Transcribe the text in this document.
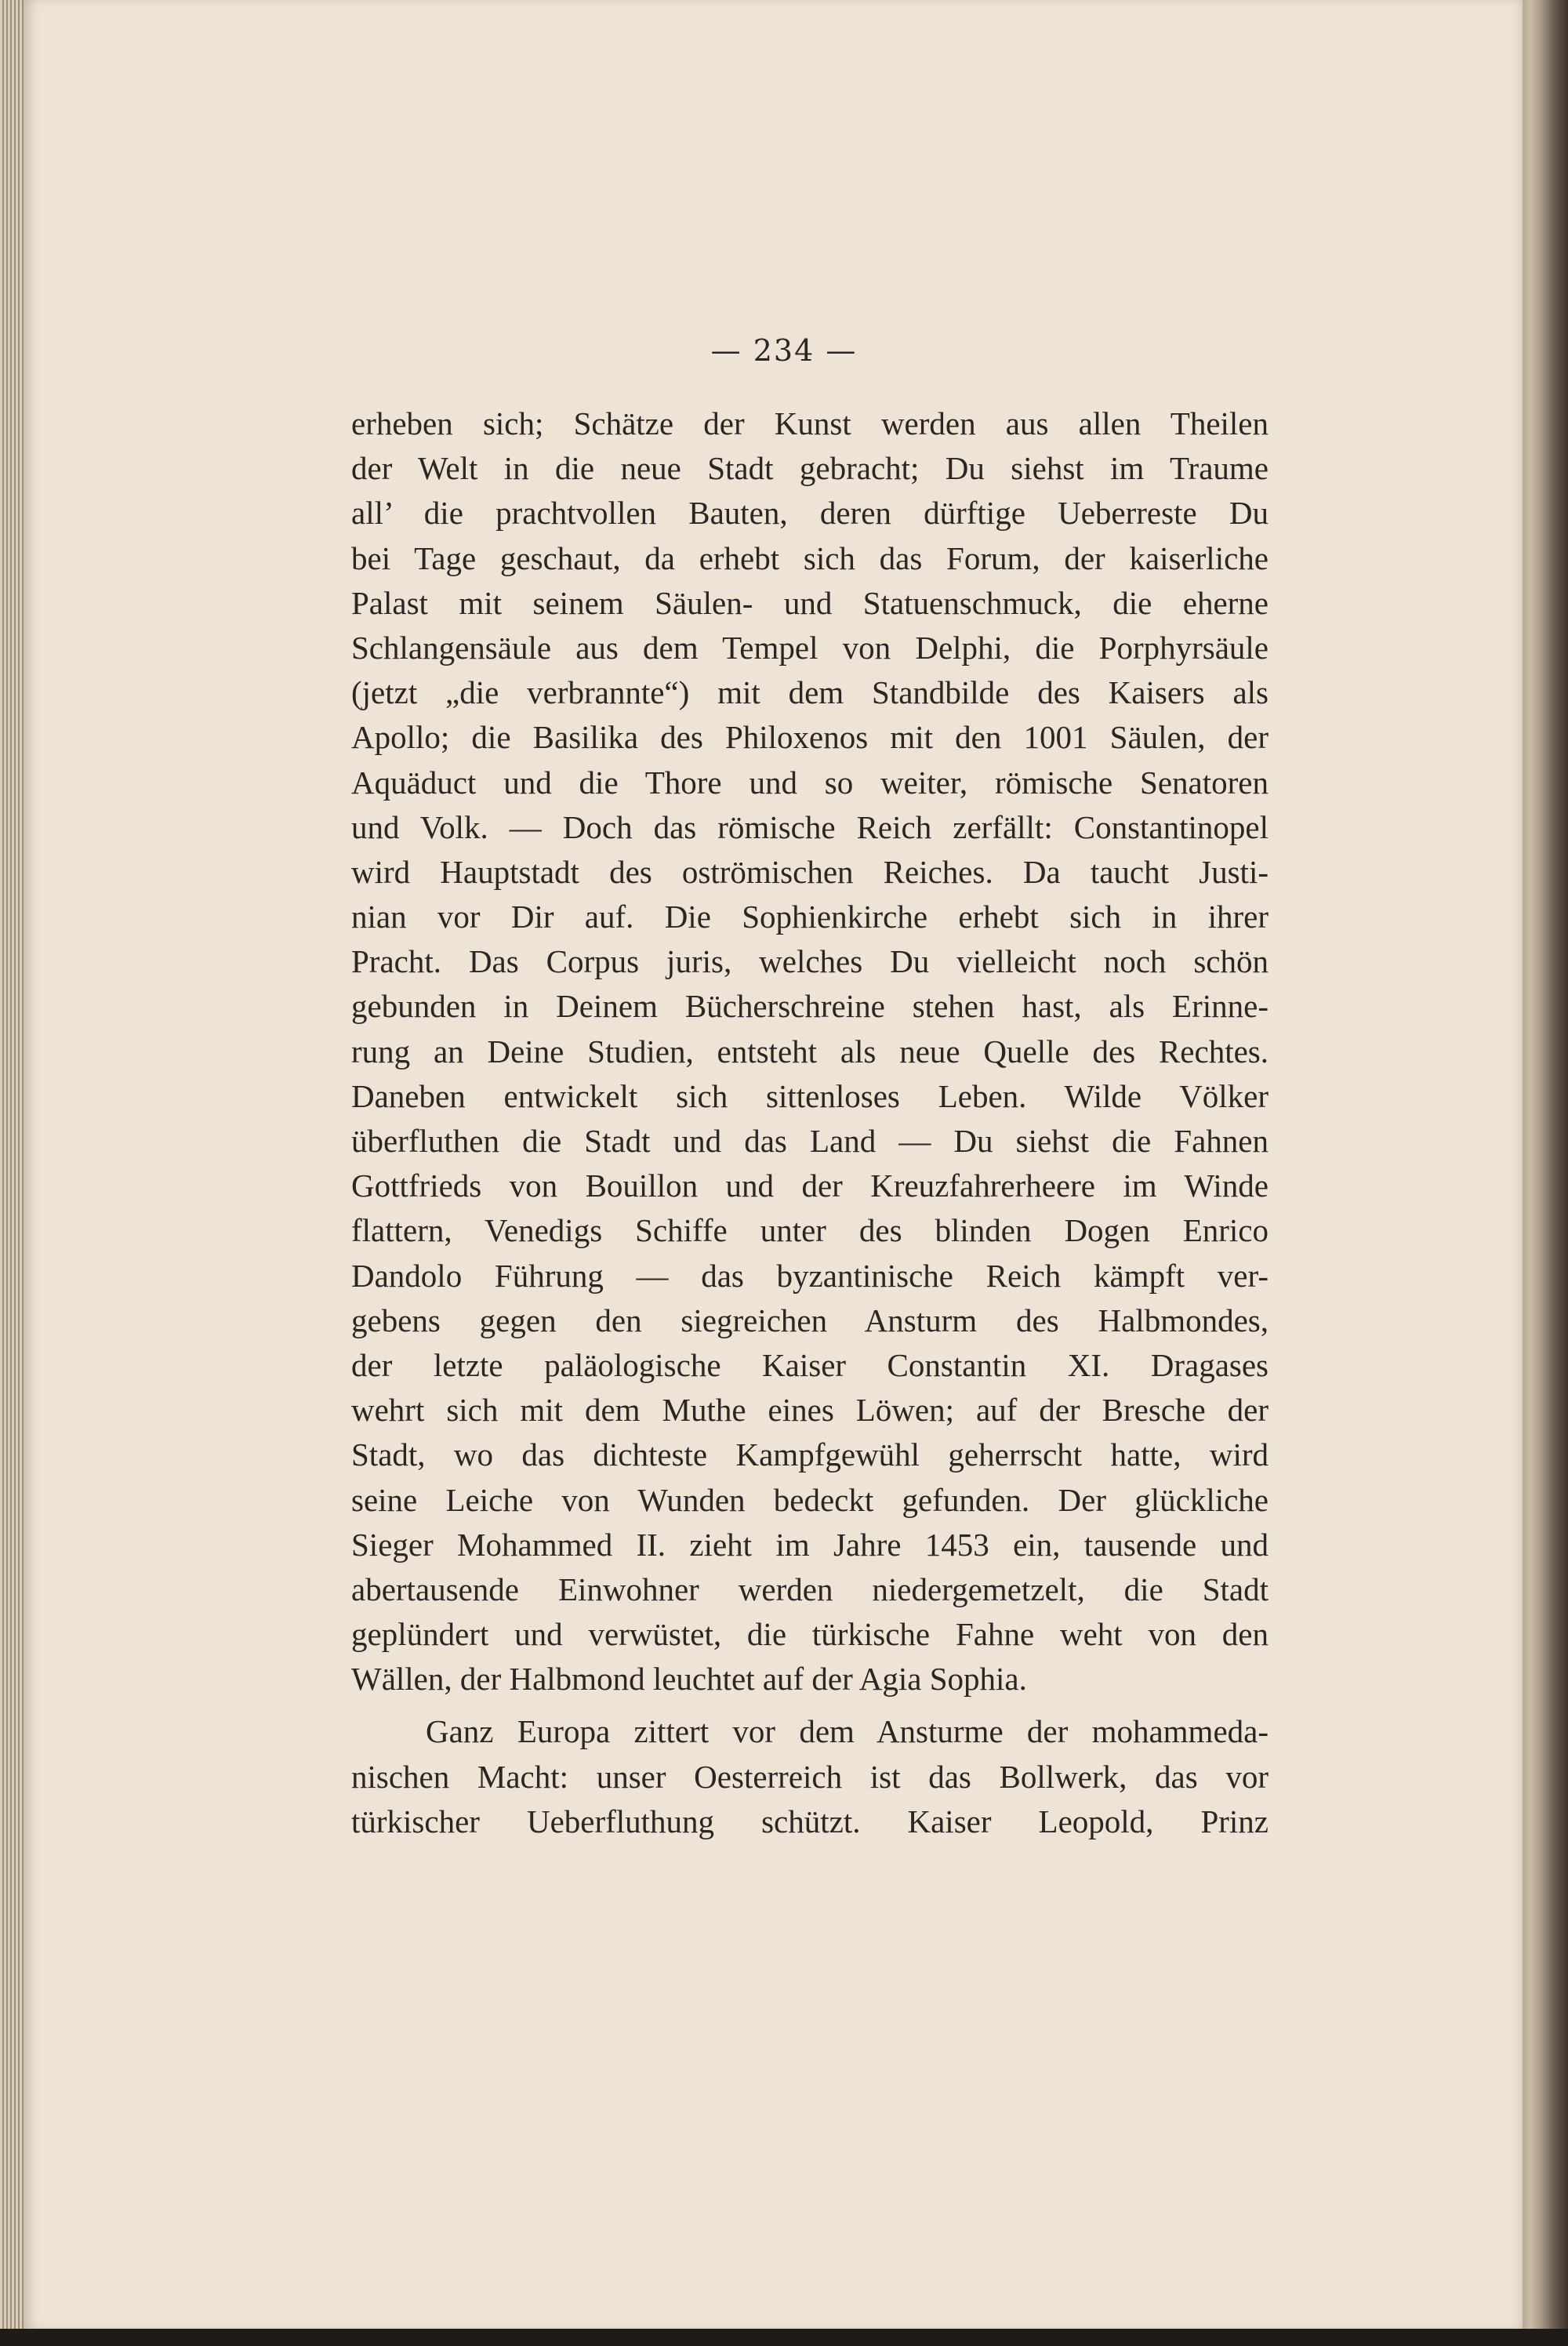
— 234 —
erheben sich; Schätze der Kunst werden aus allen Theilen
der Welt in die neue Stadt gebracht; Du siehst im Traume
all’ die prachtvollen Bauten, deren dürftige Ueberreste Du
bei Tage geschaut, da erhebt sich das Forum, der kaiserliche
Palast mit seinem Säulen- und Statuenschmuck, die eherne
Schlangensäule aus dem Tempel von Delphi, die Porphyrsäule
(jetzt „die verbrannte“) mit dem Standbilde des Kaisers als
Apollo; die Basilika des Philoxenos mit den 1001 Säulen, der
Aquäduct und die Thore und so weiter, römische Senatoren
und Volk. — Doch das römische Reich zerfällt: Constantinopel
wird Hauptstadt des oströmischen Reiches. Da taucht Justi-
nian vor Dir auf. Die Sophienkirche erhebt sich in ihrer
Pracht. Das Corpus juris, welches Du vielleicht noch schön
gebunden in Deinem Bücherschreine stehen hast, als Erinne-
rung an Deine Studien, entsteht als neue Quelle des Rechtes.
Daneben entwickelt sich sittenloses Leben. Wilde Völker
überfluthen die Stadt und das Land — Du siehst die Fahnen
Gottfrieds von Bouillon und der Kreuzfahrerheere im Winde
flattern, Venedigs Schiffe unter des blinden Dogen Enrico
Dandolo Führung — das byzantinische Reich kämpft ver-
gebens gegen den siegreichen Ansturm des Halbmondes,
der letzte paläologische Kaiser Constantin XI. Dragases
wehrt sich mit dem Muthe eines Löwen; auf der Bresche der
Stadt, wo das dichteste Kampfgewühl geherrscht hatte, wird
seine Leiche von Wunden bedeckt gefunden. Der glückliche
Sieger Mohammed II. zieht im Jahre 1453 ein, tausende und
abertausende Einwohner werden niedergemetzelt, die Stadt
geplündert und verwüstet, die türkische Fahne weht von den
Wällen, der Halbmond leuchtet auf der Agia Sophia.
Ganz Europa zittert vor dem Ansturme der mohammeda-
nischen Macht: unser Oesterreich ist das Bollwerk, das vor
türkischer Ueberfluthung schützt. Kaiser Leopold, Prinz
